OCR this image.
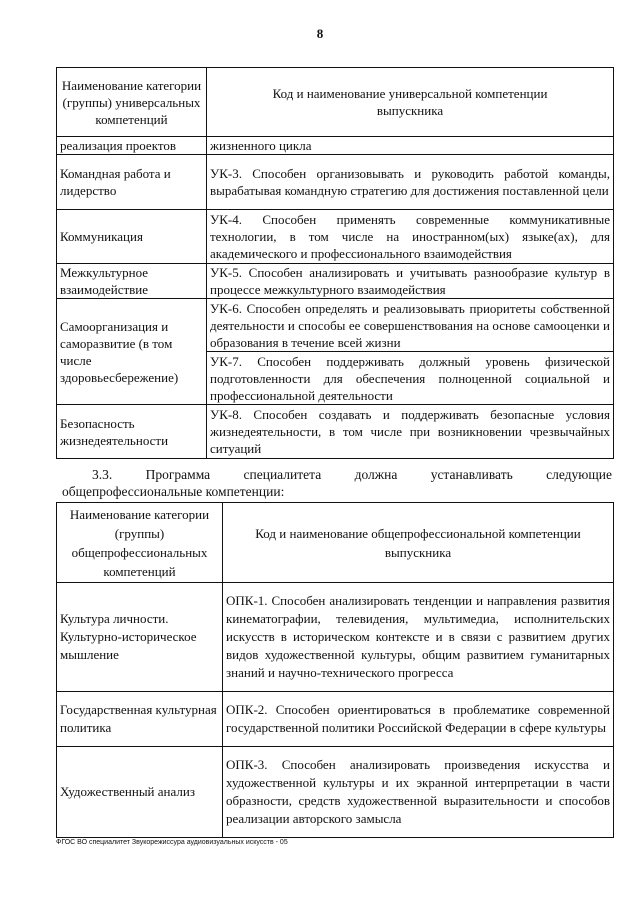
8
Наименование категории (группы) универсальных компетенций	Код и наименование универсальной компетенции выпускника
реализация проектов	жизненного цикла
Командная работа и лидерство	УК-3. Способен организовывать и руководить работой команды, вырабатывая командную стратегию для достижения поставленной цели
Коммуникация	УК-4. Способен применять современные коммуникативные технологии, в том числе на иностранном(ых) языке(ах), для академического и профессионального взаимодействия
Межкультурное взаимодействие	УК-5. Способен анализировать и учитывать разнообразие культур в процессе межкультурного взаимодействия
Самоорганизация и саморазвитие (в том числе здоровьесбережение)	УК-6. Способен определять и реализовывать приоритеты собственной деятельности и способы ее совершенствования на основе самооценки и образования в течение всей жизни
	УК-7. Способен поддерживать должный уровень физической подготовленности для обеспечения полноценной социальной и профессиональной деятельности
Безопасность жизнедеятельности	УК-8. Способен создавать и поддерживать безопасные условия жизнедеятельности, в том числе при возникновении чрезвычайных ситуаций
3.3. Программа специалитета должна устанавливать следующие
общепрофессиональные компетенции:
Наименование категории (группы) общепрофессиональных компетенций	Код и наименование общепрофессиональной компетенции выпускника
Культура личности. Культурно-историческое мышление	ОПК-1. Способен анализировать тенденции и направления развития кинематографии, телевидения, мультимедиа, исполнительских искусств в историческом контексте и в связи с развитием других видов художественной культуры, общим развитием гуманитарных знаний и научно-технического прогресса
Государственная культурная политика	ОПК-2. Способен ориентироваться в проблематике современной государственной политики Российской Федерации в сфере культуры
Художественный анализ	ОПК-3. Способен анализировать произведения искусства и художественной культуры и их экранной интерпретации в части образности, средств художественной выразительности и способов реализации авторского замысла
ФГОС ВО специалитет Звукорежиссура аудиовизуальных искусств - 05
